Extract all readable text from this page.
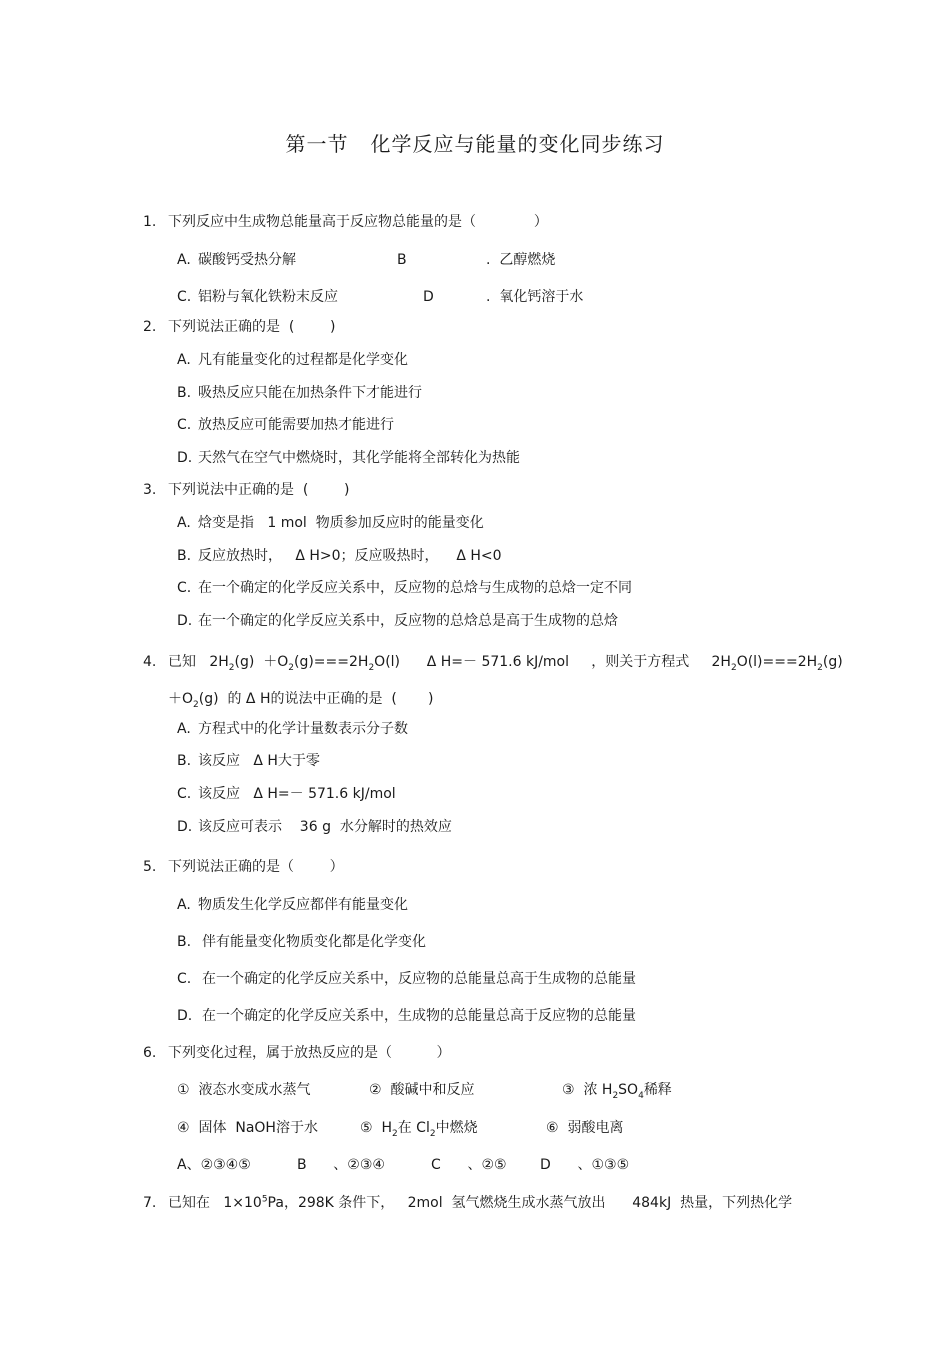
第一节   化学反应与能量的变化同步练习
1. 下列反应中生成物总能量高于反应物总能量的是（             ）
A. 碳酸钙受热分解	B	.  乙醇燃烧
C. 铝粉与氧化铁粉末反应	D	.  氧化钙溶于水
2. 下列说法正确的是  (        )
A. 凡有能量变化的过程都是化学变化
B. 吸热反应只能在加热条件下才能进行
C. 放热反应可能需要加热才能进行
D. 天然气在空气中燃烧时，其化学能将全部转化为热能
3. 下列说法中正确的是  (        )
A. 焓变是指   1 mol  物质参加反应时的能量变化
B. 反应放热时，   Δ H>0；反应吸热时，    Δ H<0
C. 在一个确定的化学反应关系中，反应物的总焓与生成物的总焓一定不同
D. 在一个确定的化学反应关系中，反应物的总焓总是高于生成物的总焓
4. 已知   $2H_2(g) +O_2(g)===2H_2O(l)$      Δ H=－ 571.6 kJ/mol     ，则关于方程式     $2H_2O(l)===2H_2(g)$
$+O_2(g)$  的 Δ H的说法中正确的是  (       )
A. 方程式中的化学计量数表示分子数
B. 该反应   Δ H大于零
C. 该反应   Δ H=－ 571.6 kJ/mol
D. 该反应可表示    36 g  水分解时的热效应
5. 下列说法正确的是（        ）
A. 物质发生化学反应都伴有能量变化
B. 伴有能量变化物质变化都是化学变化
C. 在一个确定的化学反应关系中，反应物的总能量总高于生成物的总能量
D. 在一个确定的化学反应关系中，生成物的总能量总高于反应物的总能量
6. 下列变化过程，属于放热反应的是（          ）
①  液态水变成水蒸气	②  酸碱中和反应	③  浓 $H_2SO_4$稀释
④  固体  NaOH溶于水	⑤  $H_2$在 $Cl_2$中燃烧	⑥  弱酸电离
A、②③④⑤	B      、②③④	C      、②⑤ D      、①③⑤
7. 已知在   $1\times 10^5Pa$，298K 条件下，   2mol  氢气燃烧生成水蒸气放出      484kJ  热量，下列热化学
